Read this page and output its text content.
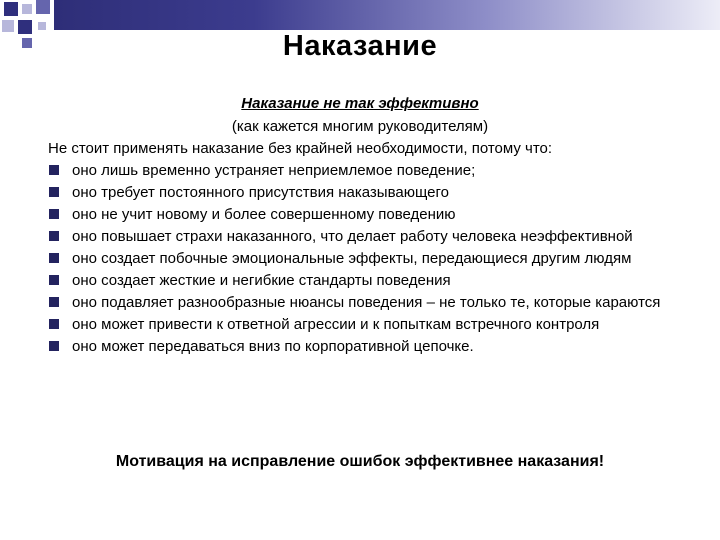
Наказание
Наказание не так эффективно
(как кажется многим руководителям)
Не стоит применять наказание без крайней необходимости, потому что:
оно лишь временно устраняет неприемлемое поведение;
оно требует постоянного присутствия наказывающего
оно не учит новому и более совершенному поведению
оно повышает страхи наказанного, что делает работу человека неэффективной
оно создает побочные эмоциональные эффекты, передающиеся другим людям
оно создает жесткие и негибкие стандарты поведения
оно подавляет разнообразные нюансы поведения – не только те, которые караются
оно может привести к ответной агрессии и к попыткам встречного контроля
оно может передаваться вниз по корпоративной цепочке.
Мотивация на исправление ошибок эффективнее наказания!
